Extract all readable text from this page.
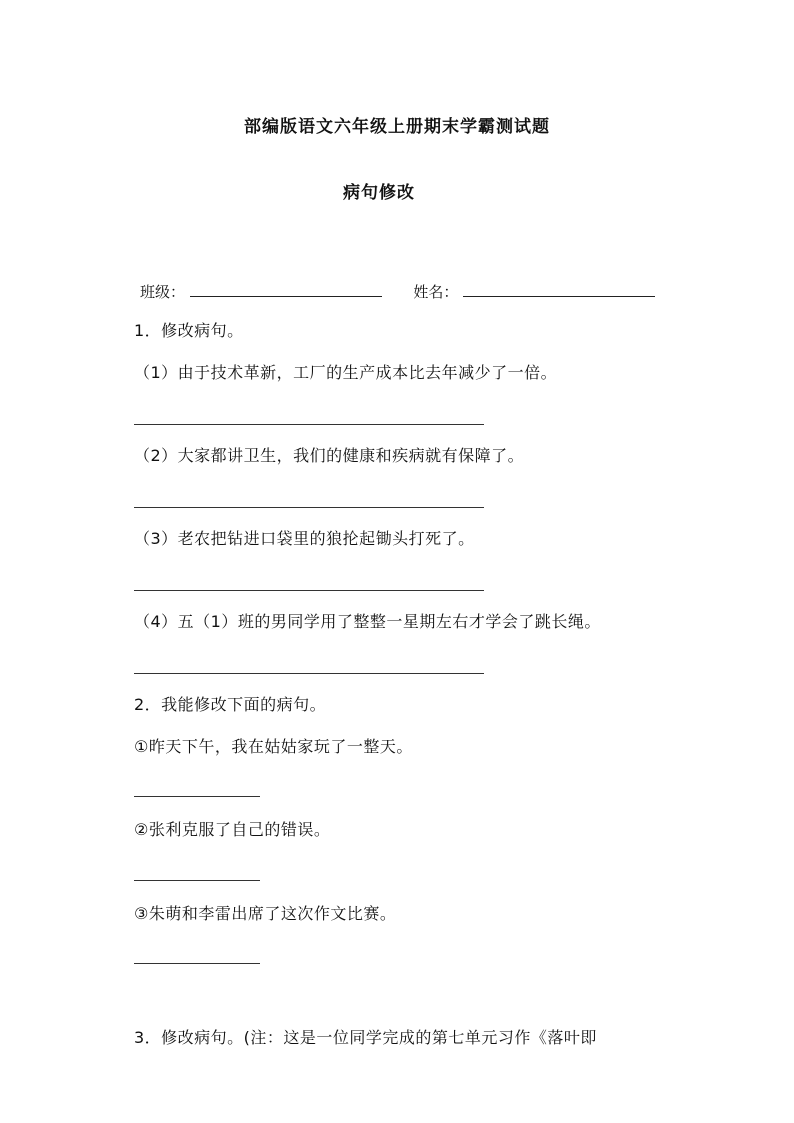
部编版语文六年级上册期末学霸测试题
病句修改
班级：	姓名：
1．修改病句。
（1）由于技术革新，工厂的生产成本比去年减少了一倍。
（2）大家都讲卫生，我们的健康和疾病就有保障了。
（3）老农把钻进口袋里的狼抡起锄头打死了。
（4）五（1）班的男同学用了整整一星期左右才学会了跳长绳。
2．我能修改下面的病句。
①昨天下午，我在姑姑家玩了一整天。
②张利克服了自己的错误。
③朱萌和李雷出席了这次作文比赛。
3．修改病句。(注：这是一位同学完成的第七单元习作《落叶即
